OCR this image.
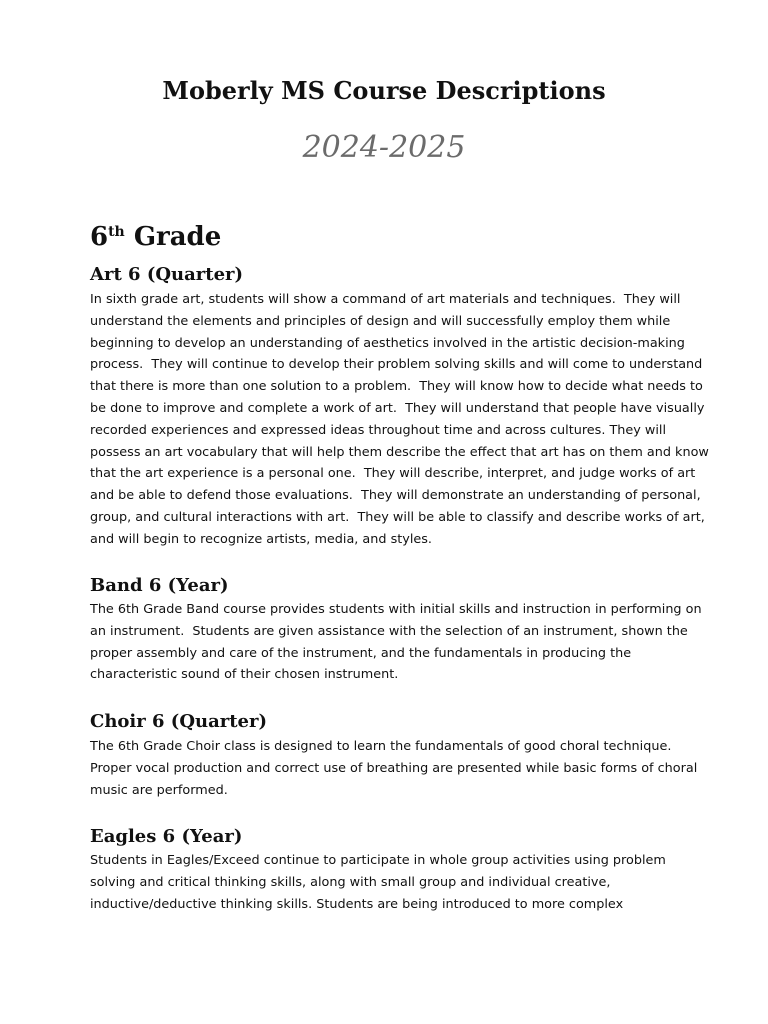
Moberly MS Course Descriptions
2024-2025
6th Grade
Art 6 (Quarter)
In sixth grade art, students will show a command of art materials and techniques.  They will
understand the elements and principles of design and will successfully employ them while
beginning to develop an understanding of aesthetics involved in the artistic decision-making
process.  They will continue to develop their problem solving skills and will come to understand
that there is more than one solution to a problem.  They will know how to decide what needs to
be done to improve and complete a work of art.  They will understand that people have visually
recorded experiences and expressed ideas throughout time and across cultures. They will
possess an art vocabulary that will help them describe the effect that art has on them and know
that the art experience is a personal one.  They will describe, interpret, and judge works of art
and be able to defend those evaluations.  They will demonstrate an understanding of personal,
group, and cultural interactions with art.  They will be able to classify and describe works of art,
and will begin to recognize artists, media, and styles.
Band 6 (Year)
The 6th Grade Band course provides students with initial skills and instruction in performing on
an instrument.  Students are given assistance with the selection of an instrument, shown the
proper assembly and care of the instrument, and the fundamentals in producing the
characteristic sound of their chosen instrument.
Choir 6 (Quarter)
The 6th Grade Choir class is designed to learn the fundamentals of good choral technique.
Proper vocal production and correct use of breathing are presented while basic forms of choral
music are performed.
Eagles 6 (Year)
Students in Eagles/Exceed continue to participate in whole group activities using problem
solving and critical thinking skills, along with small group and individual creative,
inductive/deductive thinking skills. Students are being introduced to more complex
